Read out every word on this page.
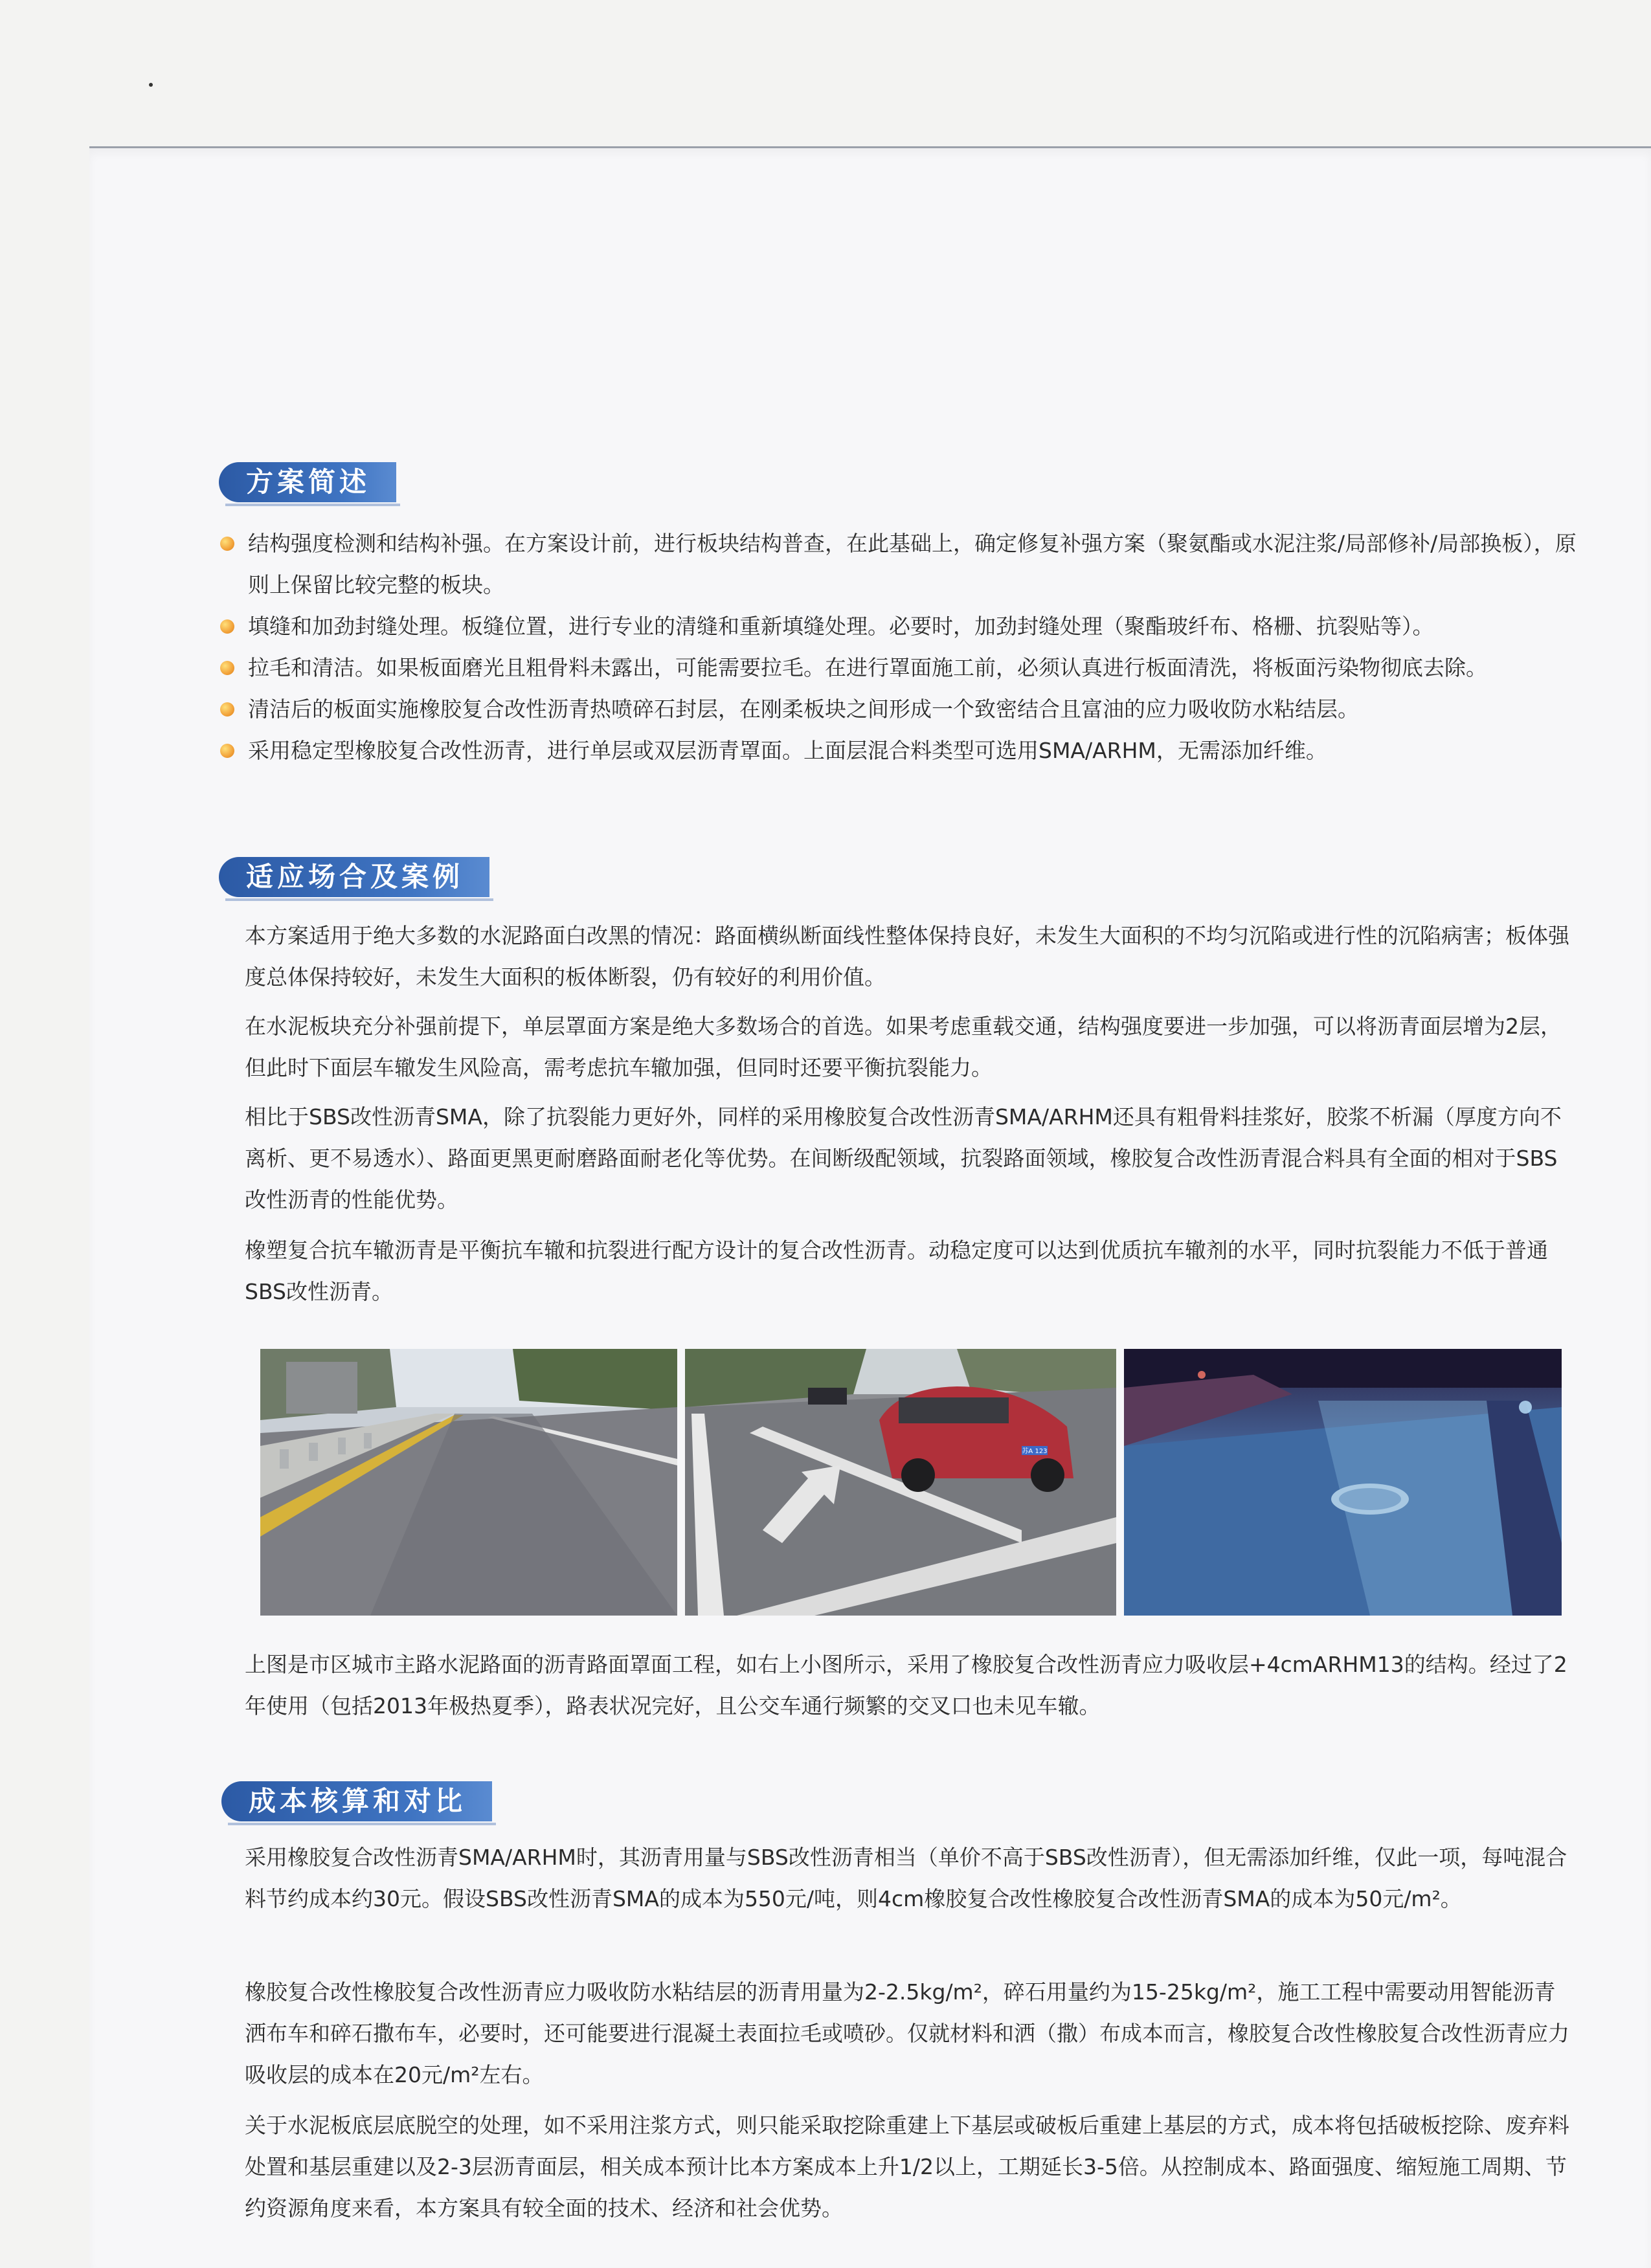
方案简述
结构强度检测和结构补强。在方案设计前，进行板块结构普查，在此基础上，确定修复补强方案（聚氨酯或水泥注浆/局部修补/局部换板），原则上保留比较完整的板块。
填缝和加劲封缝处理。板缝位置，进行专业的清缝和重新填缝处理。必要时，加劲封缝处理（聚酯玻纤布、格栅、抗裂贴等）。
拉毛和清洁。如果板面磨光且粗骨料未露出，可能需要拉毛。在进行罩面施工前，必须认真进行板面清洗，将板面污染物彻底去除。
清洁后的板面实施橡胶复合改性沥青热喷碎石封层，在刚柔板块之间形成一个致密结合且富油的应力吸收防水粘结层。
采用稳定型橡胶复合改性沥青，进行单层或双层沥青罩面。上面层混合料类型可选用SMA/ARHM，无需添加纤维。
适应场合及案例

本方案适用于绝大多数的水泥路面白改黑的情况：路面横纵断面线性整体保持良好，未发生大面积的不均匀沉陷或进行性的沉陷病害；板体强度总体保持较好，未发生大面积的板体断裂，仍有较好的利用价值。

在水泥板块充分补强前提下，单层罩面方案是绝大多数场合的首选。如果考虑重载交通，结构强度要进一步加强，可以将沥青面层增为2层，但此时下面层车辙发生风险高，需考虑抗车辙加强，但同时还要平衡抗裂能力。

相比于SBS改性沥青SMA，除了抗裂能力更好外，同样的采用橡胶复合改性沥青SMA/ARHM还具有粗骨料挂浆好，胶浆不析漏（厚度方向不离析、更不易透水）、路面更黑更耐磨路面耐老化等优势。在间断级配领域，抗裂路面领域，橡胶复合改性沥青混合料具有全面的相对于SBS改性沥青的性能优势。

橡塑复合抗车辙沥青是平衡抗车辙和抗裂进行配方设计的复合改性沥青。动稳定度可以达到优质抗车辙剂的水平，同时抗裂能力不低于普通SBS改性沥青。

苏A 123

上图是市区城市主路水泥路面的沥青路面罩面工程，如右上小图所示，采用了橡胶复合改性沥青应力吸收层+4cmARHM13的结构。经过了2年使用（包括2013年极热夏季），路表状况完好，且公交车通行频繁的交叉口也未见车辙。

成本核算和对比

采用橡胶复合改性沥青SMA/ARHM时，其沥青用量与SBS改性沥青相当（单价不高于SBS改性沥青），但无需添加纤维，仅此一项，每吨混合料节约成本约30元。假设SBS改性沥青SMA的成本为550元/吨，则4cm橡胶复合改性橡胶复合改性沥青SMA的成本为50元/m²。

橡胶复合改性橡胶复合改性沥青应力吸收防水粘结层的沥青用量为2-2.5kg/m²，碎石用量约为15-25kg/m²，施工工程中需要动用智能沥青洒布车和碎石撒布车，必要时，还可能要进行混凝土表面拉毛或喷砂。仅就材料和洒（撒）布成本而言，橡胶复合改性橡胶复合改性沥青应力吸收层的成本在20元/m²左右。

关于水泥板底层底脱空的处理，如不采用注浆方式，则只能采取挖除重建上下基层或破板后重建上基层的方式，成本将包括破板挖除、废弃料处置和基层重建以及2-3层沥青面层，相关成本预计比本方案成本上升1/2以上，工期延长3-5倍。从控制成本、路面强度、缩短施工周期、节约资源角度来看，本方案具有较全面的技术、经济和社会优势。
